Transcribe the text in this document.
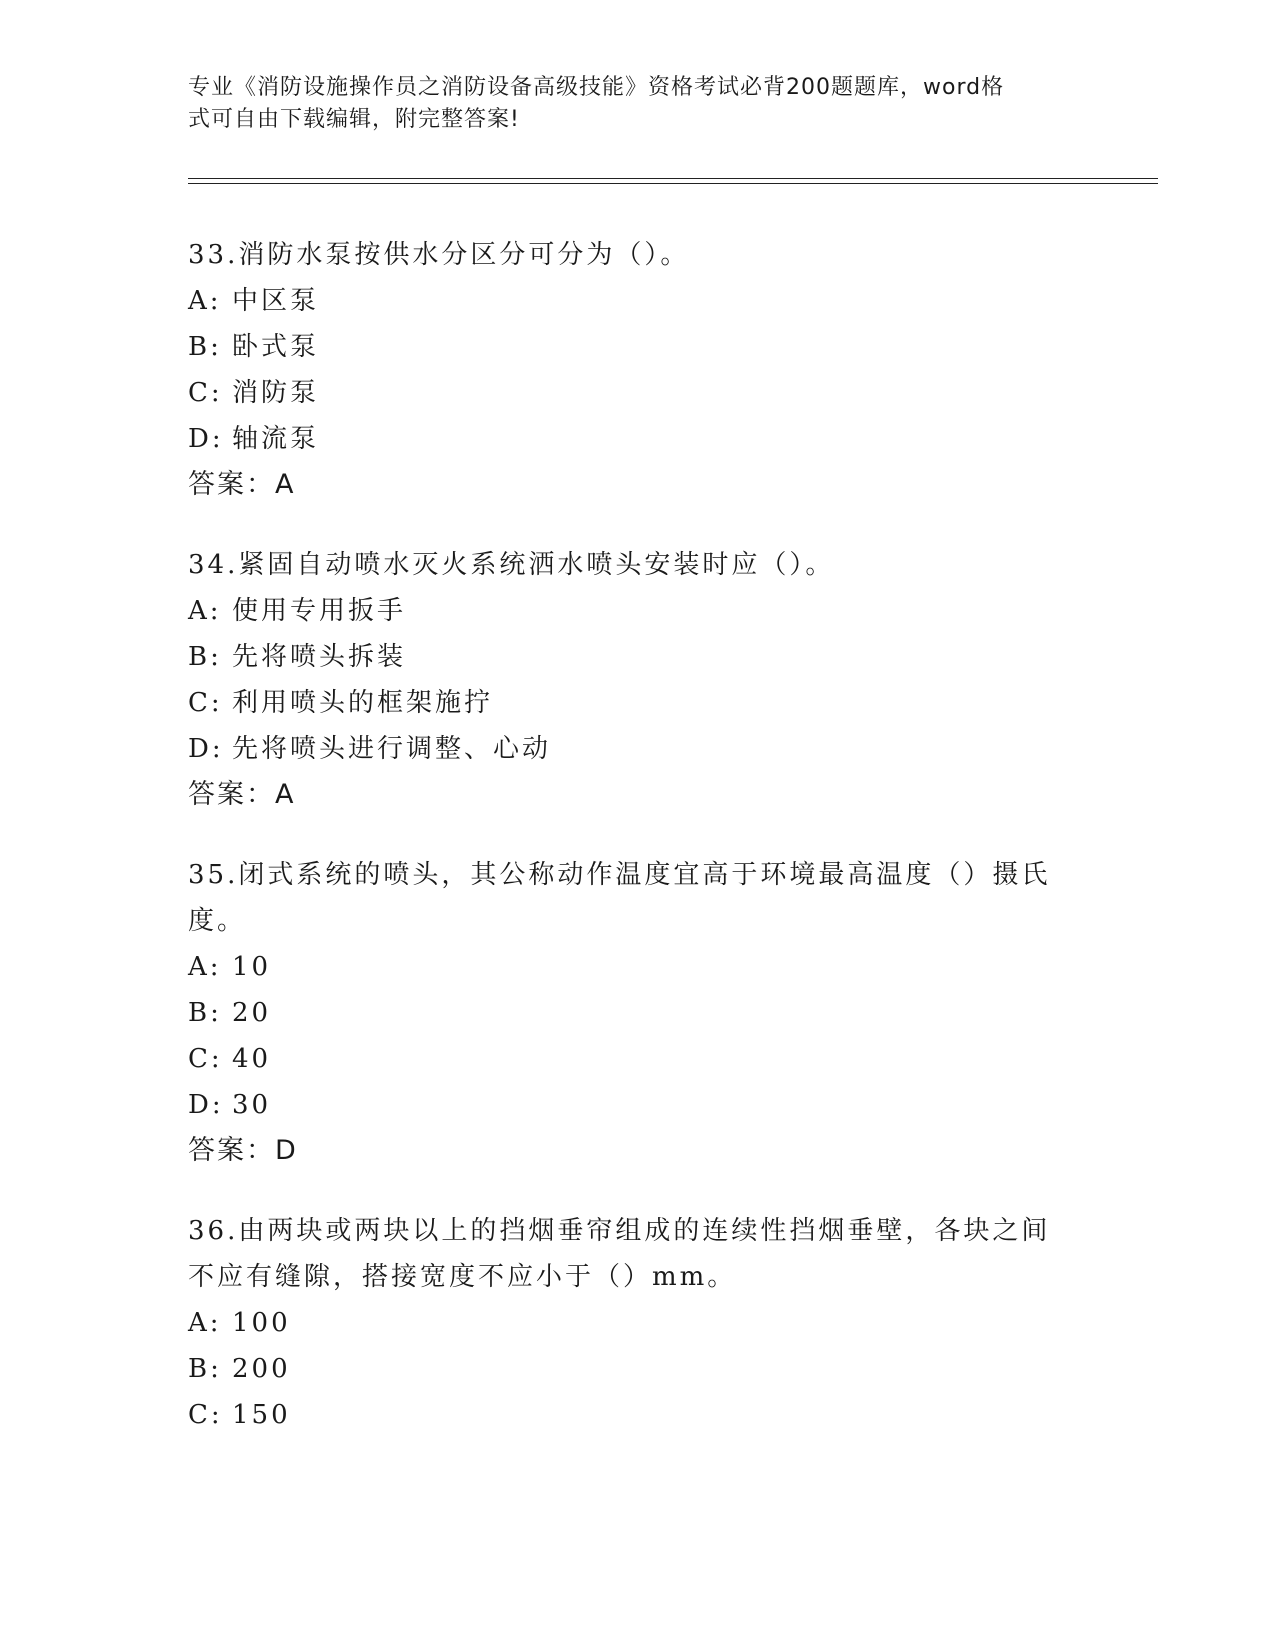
专业《消防设施操作员之消防设备高级技能》资格考试必背200题题库，word格
式可自由下载编辑，附完整答案!
33.消防水泵按供水分区分可分为（）。
A: 中区泵
B: 卧式泵
C: 消防泵
D: 轴流泵
答案：A
34.紧固自动喷水灭火系统洒水喷头安装时应（）。
A: 使用专用扳手
B: 先将喷头拆装
C: 利用喷头的框架施拧
D: 先将喷头进行调整、心动
答案：A
35.闭式系统的喷头，其公称动作温度宜高于环境最高温度（）摄氏度。
A: 10
B: 20
C: 40
D: 30
答案：D
36.由两块或两块以上的挡烟垂帘组成的连续性挡烟垂壁，各块之间不应有缝隙，搭接宽度不应小于（）mm。
A: 100
B: 200
C: 150
